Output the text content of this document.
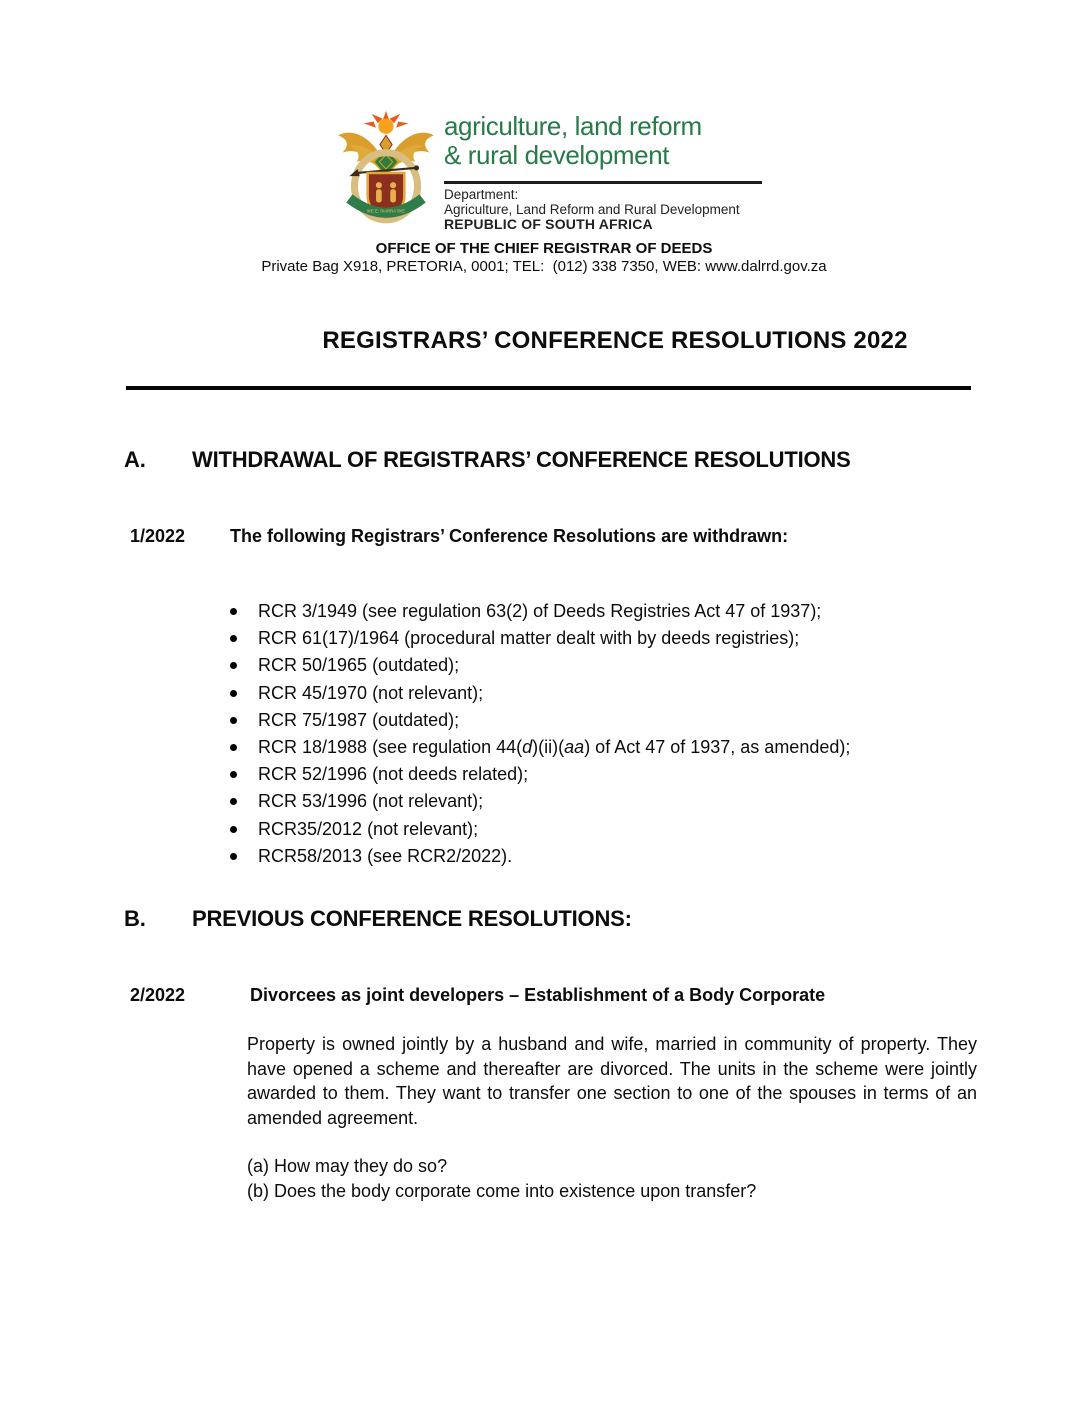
!KE E: /XARRA //KE
agriculture, land reform
& rural development
Department:
Agriculture, Land Reform and Rural Development
REPUBLIC OF SOUTH AFRICA
OFFICE OF THE CHIEF REGISTRAR OF DEEDS
Private Bag X918, PRETORIA, 0001; TEL:  (012) 338 7350, WEB: www.dalrrd.gov.za
REGISTRARS’ CONFERENCE RESOLUTIONS 2022
A.	WITHDRAWAL OF REGISTRARS’ CONFERENCE RESOLUTIONS
1/2022	The following Registrars’ Conference Resolutions are withdrawn:
RCR 3/1949 (see regulation 63(2) of Deeds Registries Act 47 of 1937);
RCR 61(17)/1964 (procedural matter dealt with by deeds registries);
RCR 50/1965 (outdated);
RCR 45/1970 (not relevant);
RCR 75/1987 (outdated);
RCR 18/1988 (see regulation 44(d)(ii)(aa) of Act 47 of 1937, as amended);
RCR 52/1996 (not deeds related);
RCR 53/1996 (not relevant);
RCR35/2012 (not relevant);
RCR58/2013 (see RCR2/2022).
B.	PREVIOUS CONFERENCE RESOLUTIONS:
2/2022	Divorcees as joint developers – Establishment of a Body Corporate
Property is owned jointly by a husband and wife, married in community of property. They have opened a scheme and thereafter are divorced. The units in the scheme were jointly awarded to them. They want to transfer one section to one of the spouses in terms of an amended agreement.
(a) How may they do so?
(b) Does the body corporate come into existence upon transfer?
